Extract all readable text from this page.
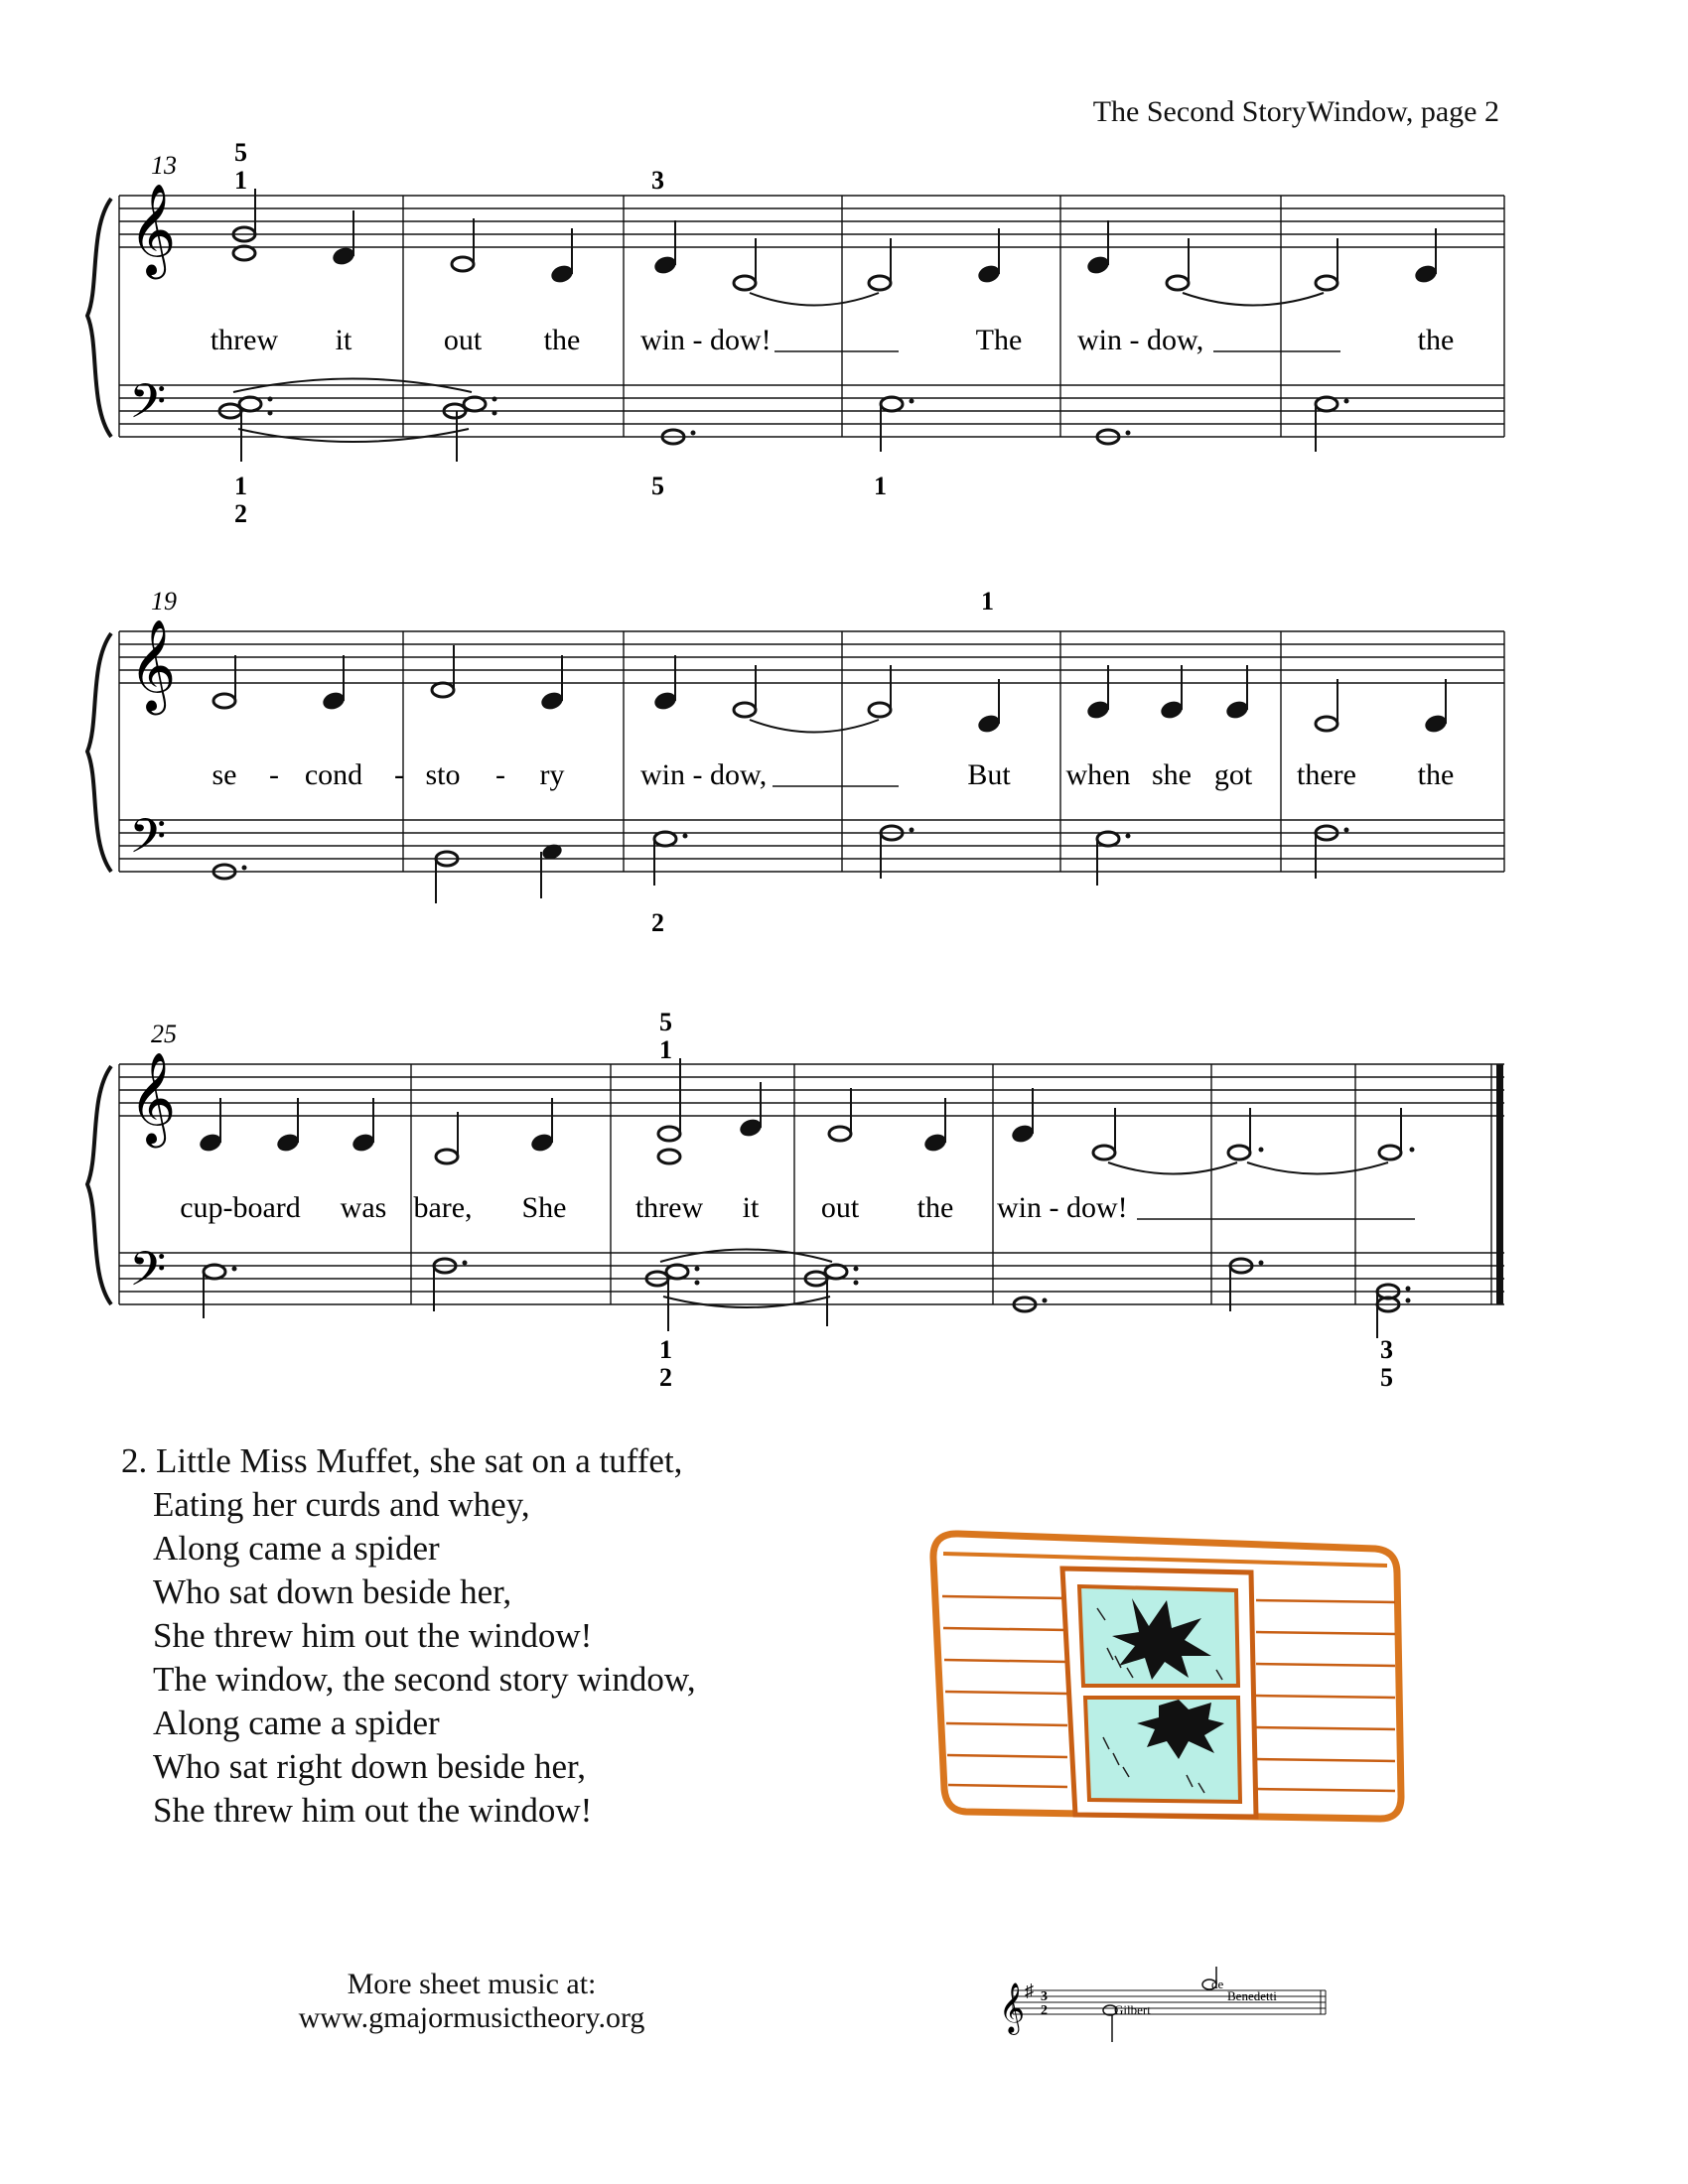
The Second StoryWindow, page 2
𝄞
𝄢
13 5
1	3
threw it	out the win - dow!	The win - dow,	the
1
2
5	1
𝄞
𝄢
19	1
se - cond - sto - ry	win - dow,	But when she got there the
2
𝄞
𝄢
25	5
1
cup-board was bare, She threw it out the win - dow!
1
2
3
5
2. Little Miss Muffet, she sat on a tuffet,
Eating her curds and whey,
Along came a spider
Who sat down beside her,
She threw him out the window!
The window, the second story window,
Along came a spider
Who sat right down beside her,
She threw him out the window!
More sheet music at:
www.gmajormusictheory.org	𝄞 ♯ 3
2	Gilbert
de
Benedetti
